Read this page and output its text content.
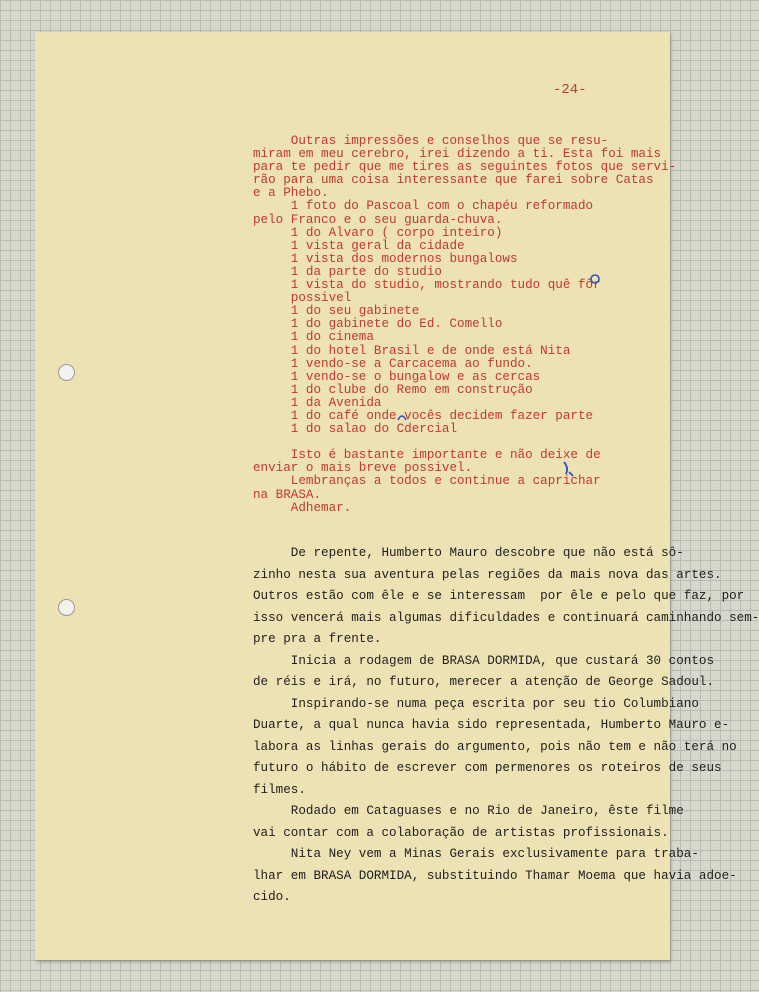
-24-
Outras impressões e conselhos que se resu-
miram em meu cerebro, irei dizendo a ti. Esta foi mais
para te pedir que me tires as seguintes fotos que servi-
rão para uma coisa interessante que farei sobre Catas
e a Phebo.
1 foto do Pascoal com o chapéu reformado
pelo Franco e o seu guarda-chuva.
1 do Alvaro ( corpo inteiro)
1 vista geral da cidade
1 vista dos modernos bungalows
1 da parte do studio
1 vista do studio, mostrando tudo quê fôr
possivel
1 do seu gabinete
1 do gabinete do Ed. Comello
1 do cinema
1 do hotel Brasil e de onde está Nita
1 vendo-se a Carcacema ao fundo.
1 vendo-se o bungalow e as cercas
1 do clube do Remo em construção
1 da Avenida
1 do café onde vocês decidem fazer parte
1 do salao do Cdercial

Isto é bastante importante e não deixe de
enviar o mais breve possivel.
Lembranças a todos e continue a caprichar
na BRASA.
Adhemar.
De repente, Humberto Mauro descobre que não está sô-
zinho nesta sua aventura pelas regiões da mais nova das artes.
Outros estão com êle e se interessam  por êle e pelo que faz, por
isso vencerá mais algumas dificuldades e continuará caminhando sem-
pre pra a frente.
Inicia a rodagem de BRASA DORMIDA, que custará 30 contos
de réis e irá, no futuro, merecer a atenção de George Sadoul.
Inspirando-se numa peça escrita por seu tio Columbiano
Duarte, a qual nunca havia sido representada, Humberto Mauro e-
labora as linhas gerais do argumento, pois não tem e não terá no
futuro o hábito de escrever com permenores os roteiros de seus
filmes.
Rodado em Cataguases e no Rio de Janeiro, êste filme
vai contar com a colaboração de artistas profissionais.
Nita Ney vem a Minas Gerais exclusivamente para traba-
lhar em BRASA DORMIDA, substituindo Thamar Moema que havia adoe-
cido.
